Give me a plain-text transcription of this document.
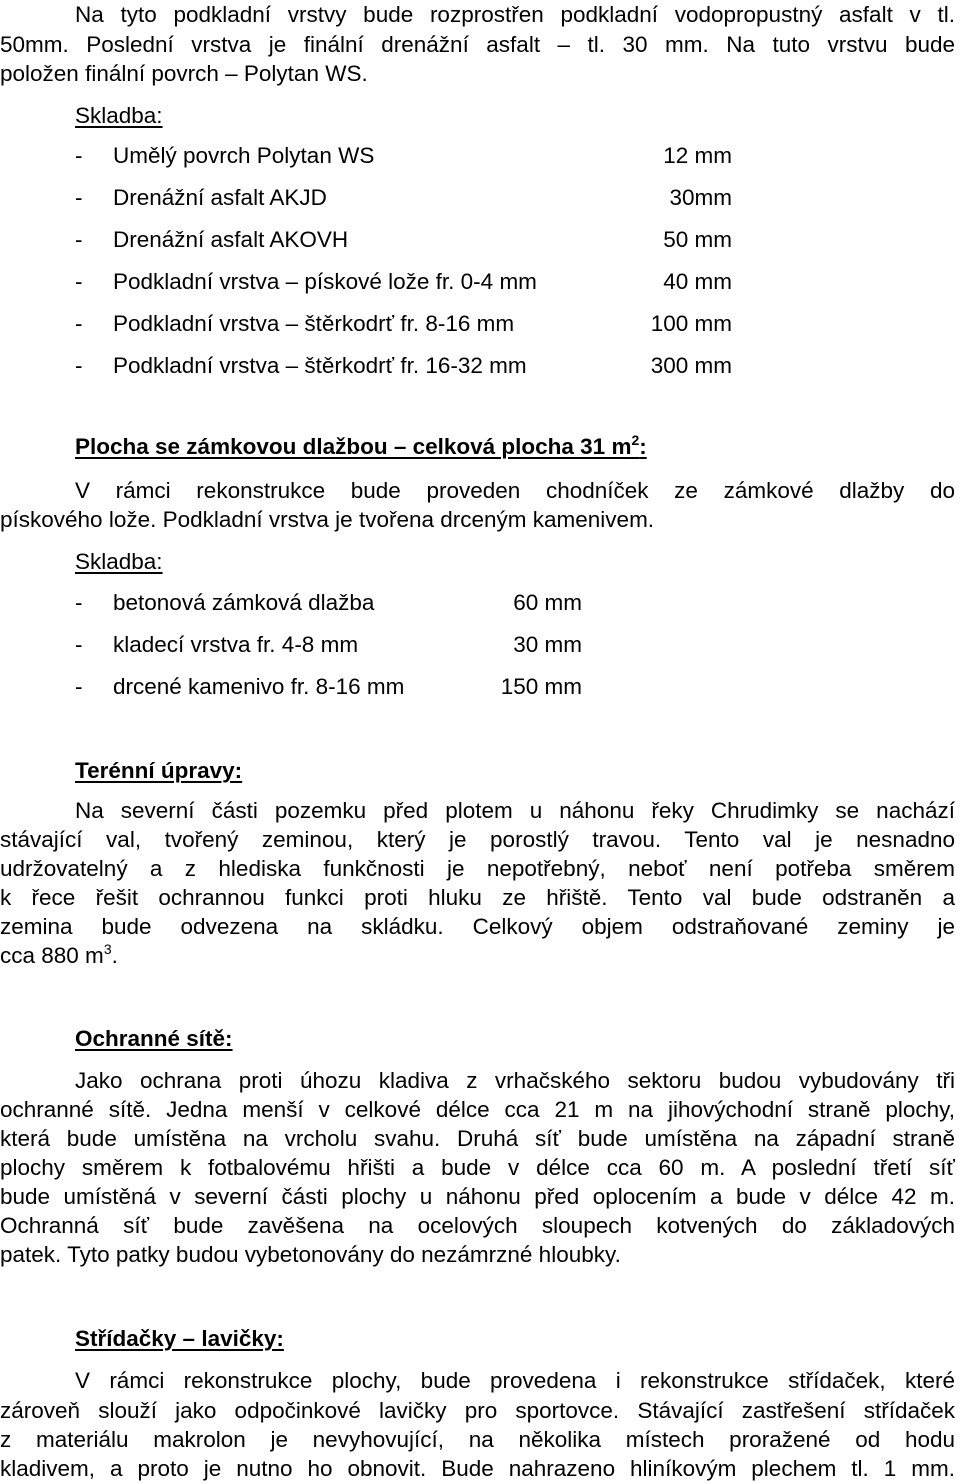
Na tyto podkladní vrstvy bude rozprostřen podkladní vodopropustný asfalt v tl.
50mm. Poslední vrstva je finální drenážní asfalt – tl. 30 mm. Na tuto vrstvu bude
položen finální povrch – Polytan WS.
Skladba:
- Umělý povrch Polytan WS	12 mm
- Drenážní asfalt AKJD	30mm
- Drenážní asfalt AKOVH	50 mm
- Podkladní vrstva – pískové lože fr. 0-4 mm	40 mm
- Podkladní vrstva – štěrkodrť fr. 8-16 mm	100 mm
- Podkladní vrstva – štěrkodrť fr. 16-32 mm	300 mm
Plocha se zámkovou dlažbou – celková plocha 31 $m^2$:
V rámci rekonstrukce bude proveden chodníček ze zámkové dlažby do
pískového lože. Podkladní vrstva je tvořena drceným kamenivem.
Skladba:
- betonová zámková dlažba	60 mm
- kladecí vrstva fr. 4-8 mm	30 mm
- drcené kamenivo fr. 8-16 mm	150 mm
Terénní úpravy:
Na severní části pozemku před plotem u náhonu řeky Chrudimky se nachází
stávající val, tvořený zeminou, který je porostlý travou. Tento val je nesnadno
udržovatelný a z hlediska funkčnosti je nepotřebný, neboť není potřeba směrem
k řece řešit ochrannou funkci proti hluku ze hřiště. Tento val bude odstraněn a
zemina bude odvezena na skládku. Celkový objem odstraňované zeminy je
cca 880 $m^3$.
Ochranné sítě:
Jako ochrana proti úhozu kladiva z vrhačského sektoru budou vybudovány tři
ochranné sítě. Jedna menší v celkové délce cca 21 m na jihovýchodní straně plochy,
která bude umístěna na vrcholu svahu. Druhá síť bude umístěna na západní straně
plochy směrem k fotbalovému hřišti a bude v délce cca 60 m. A poslední třetí síť
bude umístěná v severní části plochy u náhonu před oplocením a bude v délce 42 m.
Ochranná síť bude zavěšena na ocelových sloupech kotvených do základových
patek. Tyto patky budou vybetonovány do nezámrzné hloubky.
Střídačky – lavičky:
V rámci rekonstrukce plochy, bude provedena i rekonstrukce střídaček, které
zároveň slouží jako odpočinkové lavičky pro sportovce. Stávající zastřešení střídaček
z materiálu makrolon je nevyhovující, na několika místech proražené od hodu
kladivem, a proto je nutno ho obnovit. Bude nahrazeno hliníkovým plechem tl. 1 mm.
